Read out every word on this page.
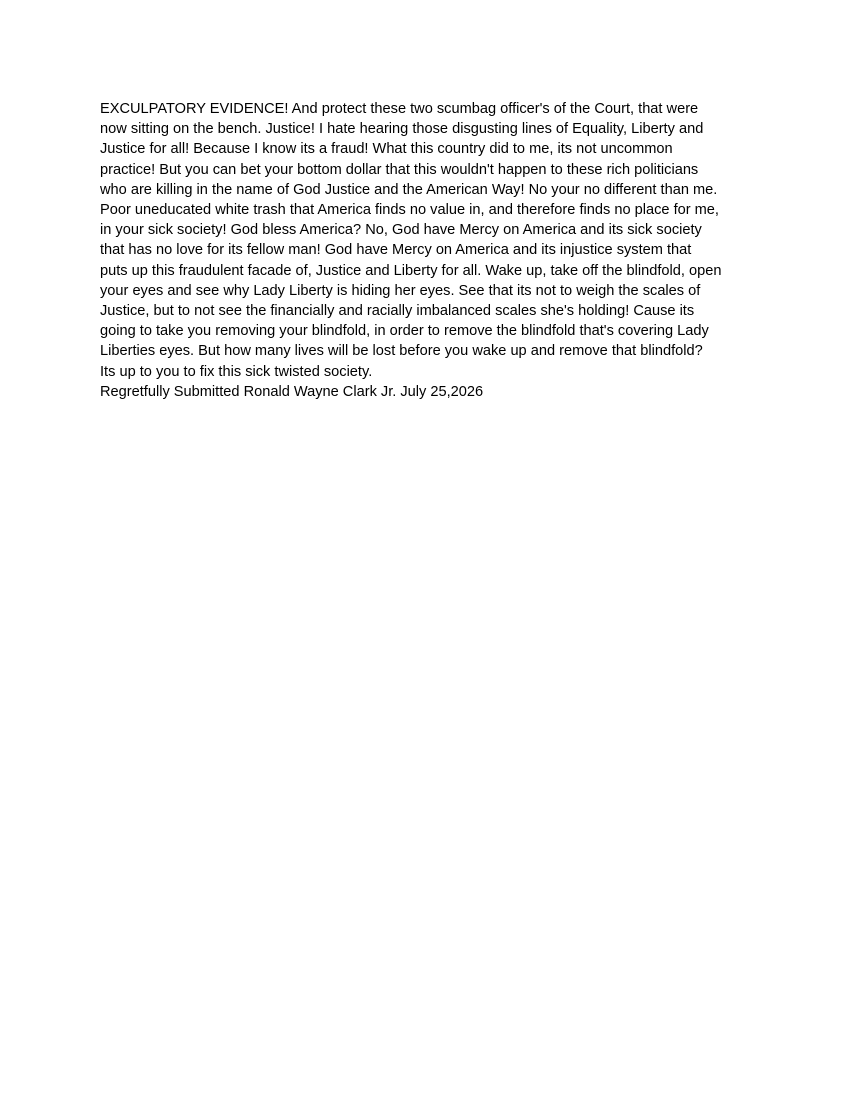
EXCULPATORY EVIDENCE! And protect these two scumbag officer's of the Court, that were
now sitting on the bench. Justice! I hate hearing those disgusting lines of Equality, Liberty and
Justice for all! Because I know its a fraud! What this country did to me, its not uncommon
practice! But you can bet your bottom dollar that this wouldn't happen to these rich politicians
who are killing in the name of God Justice and the American Way! No your no different than me.
Poor uneducated white trash that America finds no value in, and therefore finds no place for me,
in your sick society! God bless America? No, God have Mercy on America and its sick society
that has no love for its fellow man! God have Mercy on America and its injustice system that
puts up this fraudulent facade of, Justice and Liberty for all. Wake up, take off the blindfold, open
your eyes and see why Lady Liberty is hiding her eyes. See that its not to weigh the scales of
Justice, but to not see the financially and racially imbalanced scales she's holding! Cause its
going to take you removing your blindfold, in order to remove the blindfold that's covering Lady
Liberties eyes. But how many lives will be lost before you wake up and remove that blindfold?
Its up to you to fix this sick twisted society.
Regretfully Submitted Ronald Wayne Clark Jr. July 25,2026
